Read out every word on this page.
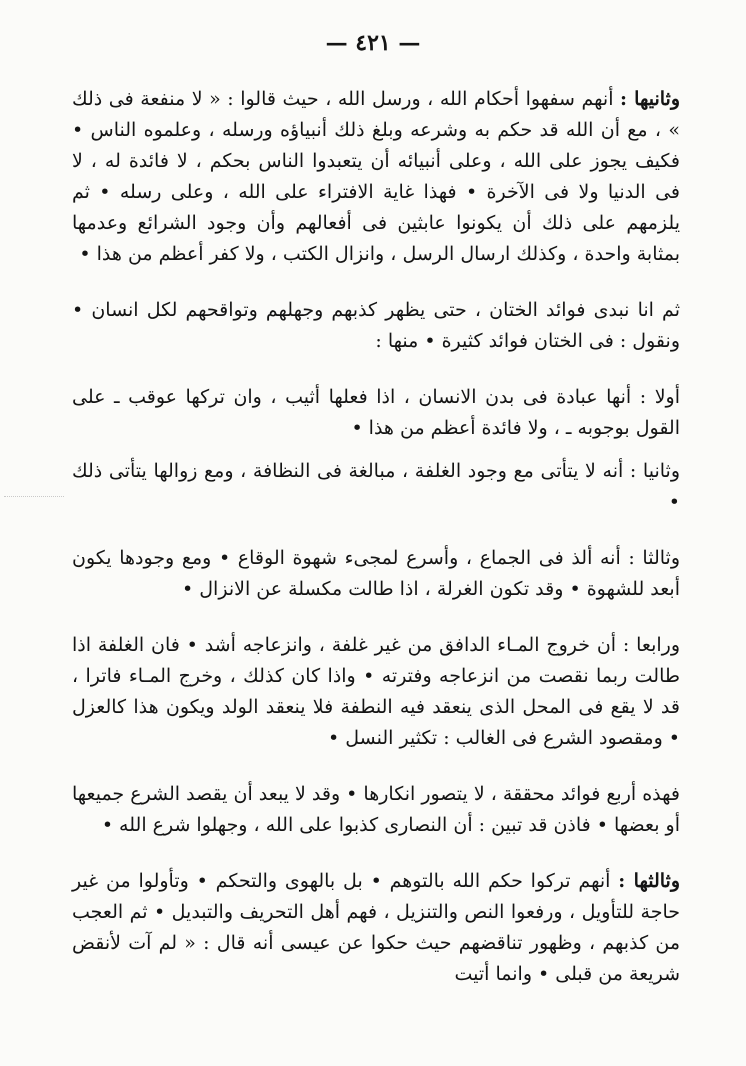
— ٤٢١ —

وثانيها : أنهم سفهوا أحكام الله ، ورسل الله ، حيث قالوا : « لا منفعة فى ذلك » ، مع أن الله قد حكم به وشرعه وبلغ ذلك أنبياؤه ورسله ، وعلموه الناس • فكيف يجوز على الله ، وعلى أنبيائه أن يتعبدوا الناس بحكم ، لا فائدة له ، لا فى الدنيا ولا فى الآخرة • فهذا غاية الافتراء على الله ، وعلى رسله • ثم يلزمهم على ذلك أن يكونوا عابثين فى أفعالهم وأن وجود الشرائع وعدمها بمثابة واحدة ، وكذلك ارسال الرسل ، وانزال الكتب ، ولا كفر أعظم من هذا •

ثم انا نبدى فوائد الختان ، حتى يظهر كذبهم وجهلهم وتواقحهم لكل انسان • ونقول : فى الختان فوائد كثيرة • منها :

أولا : أنها عبادة فى بدن الانسان ، اذا فعلها أثيب ، وان تركها عوقب ـ على القول بوجوبه ـ ، ولا فائدة أعظم من هذا •

وثانيا : أنه لا يتأتى مع وجود الغلفة ، مبالغة فى النظافة ، ومع زوالها يتأتى ذلك •

وثالثا : أنه ألذ فى الجماع ، وأسرع لمجىء شهوة الوقاع • ومع وجودها يكون أبعد للشهوة • وقد تكون الغرلة ، اذا طالت مكسلة عن الانزال •

ورابعا : أن خروج المـاء الدافق من غير غلفة ، وانزعاجه أشد • فان الغلفة اذا طالت ربما نقصت من انزعاجه وفترته • واذا كان كذلك ، وخرج المـاء فاترا ، قد لا يقع فى المحل الذى ينعقد فيه النطفة فلا ينعقد الولد ويكون هذا كالعزل • ومقصود الشرع فى الغالب : تكثير النسل •

فهذه أربع فوائد محققة ، لا يتصور انكارها • وقد لا يبعد أن يقصد الشرع جميعها أو بعضها • فاذن قد تبين : أن النصارى كذبوا على الله ، وجهلوا شرع الله •

وثالثها : أنهم تركوا حكم الله بالتوهم • بل بالهوى والتحكم • وتأولوا من غير حاجة للتأويل ، ورفعوا النص والتنزيل ، فهم أهل التحريف والتبديل • ثم العجب من كذبهم ، وظهور تناقضهم حيث حكوا عن عيسى أنه قال : « لم آت لأنقض شريعة من قبلى • وانما أتيت
